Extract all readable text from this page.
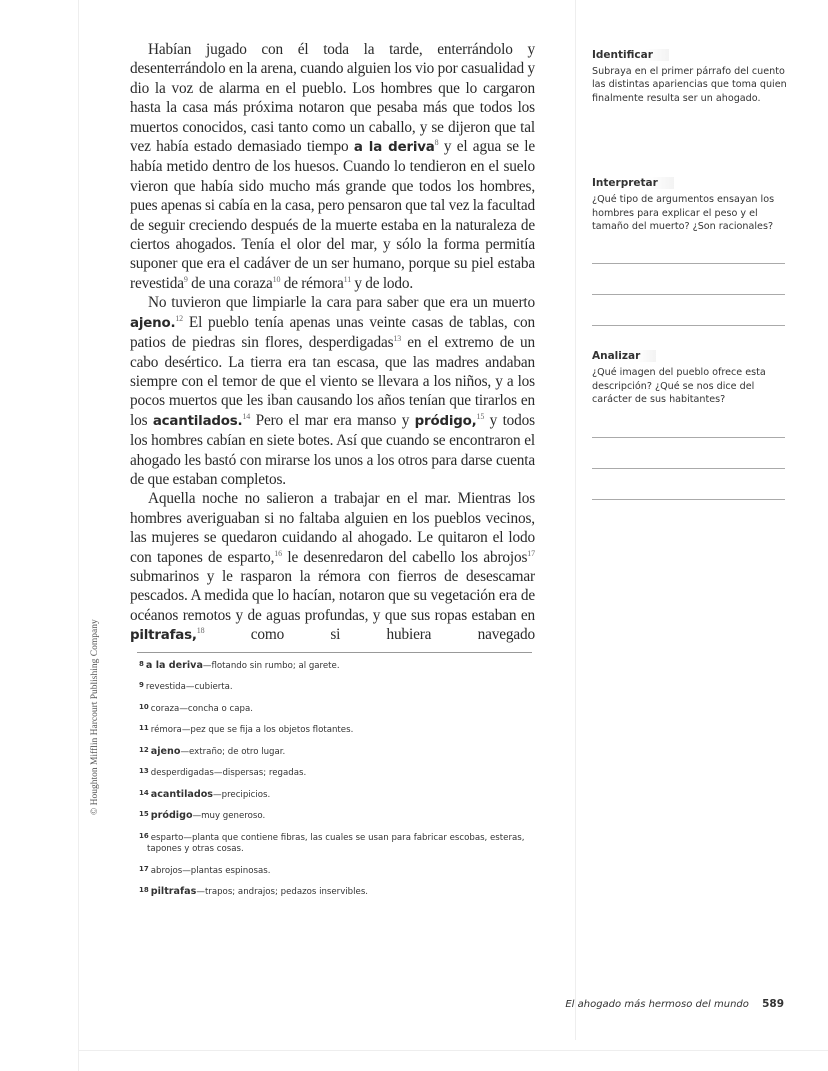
Habían jugado con él toda la tarde, enterrándolo y desenterrándolo en la arena, cuando alguien los vio por casualidad y dio la voz de alarma en el pueblo. Los hombres que lo cargaron hasta la casa más próxima notaron que pesaba más que todos los muertos conocidos, casi tanto como un caballo, y se dijeron que tal vez había estado demasiado tiempo a la deriva$^8$ y el agua se le había metido dentro de los huesos. Cuando lo tendieron en el suelo vieron que había sido mucho más grande que todos los hombres, pues apenas si cabía en la casa, pero pensaron que tal vez la facultad de seguir creciendo después de la muerte estaba en la naturaleza de ciertos ahogados. Tenía el olor del mar, y sólo la forma permitía suponer que era el cadáver de un ser humano, porque su piel estaba revestida$^9$ de una coraza$^{10}$ de rémora$^{11}$ y de lodo.

No tuvieron que limpiarle la cara para saber que era un muerto ajeno.$^{12}$ El pueblo tenía apenas unas veinte casas de tablas, con patios de piedras sin flores, desperdigadas$^{13}$ en el extremo de un cabo desértico. La tierra era tan escasa, que las madres andaban siempre con el temor de que el viento se llevara a los niños, y a los pocos muertos que les iban causando los años tenían que tirarlos en los acantilados.$^{14}$ Pero el mar era manso y pródigo,$^{15}$ y todos los hombres cabían en siete botes. Así que cuando se encontraron el ahogado les bastó con mirarse los unos a los otros para darse cuenta de que estaban completos.

Aquella noche no salieron a trabajar en el mar. Mientras los hombres averiguaban si no faltaba alguien en los pueblos vecinos, las mujeres se quedaron cuidando al ahogado. Le quitaron el lodo con tapones de esparto,$^{16}$ le desenredaron del cabello los abrojos$^{17}$ submarinos y le rasparon la rémora con fierros de desescamar pescados. A medida que lo hacían, notaron que su vegetación era de océanos remotos y de aguas profundas, y que sus ropas estaban en piltrafas,$^{18}$ como si hubiera navegado

$^8$ a la deriva—flotando sin rumbo; al garete.
$^9$ revestida—cubierta.
$^{10}$ coraza—concha o capa.
$^{11}$ rémora—pez que se fija a los objetos flotantes.
$^{12}$ ajeno—extraño; de otro lugar.
$^{13}$ desperdigadas—dispersas; regadas.
$^{14}$ acantilados—precipicios.
$^{15}$ pródigo—muy generoso.
$^{16}$ esparto—planta que contiene fibras, las cuales se usan para fabricar escobas, esteras, tapones y otras cosas.
$^{17}$ abrojos—plantas espinosas.
$^{18}$ piltrafas—trapos; andrajos; pedazos inservibles.
Identificar

Subraya en el primer párrafo del cuento las distintas apariencias que toma quien finalmente resulta ser un ahogado.

Interpretar

¿Qué tipo de argumentos ensayan los hombres para explicar el peso y el tamaño del muerto? ¿Son racionales?

Analizar

¿Qué imagen del pueblo ofrece esta descripción? ¿Qué se nos dice del carácter de sus habitantes?

© Houghton Mifflin Harcourt Publishing Company
El ahogado más hermoso del mundo 589
